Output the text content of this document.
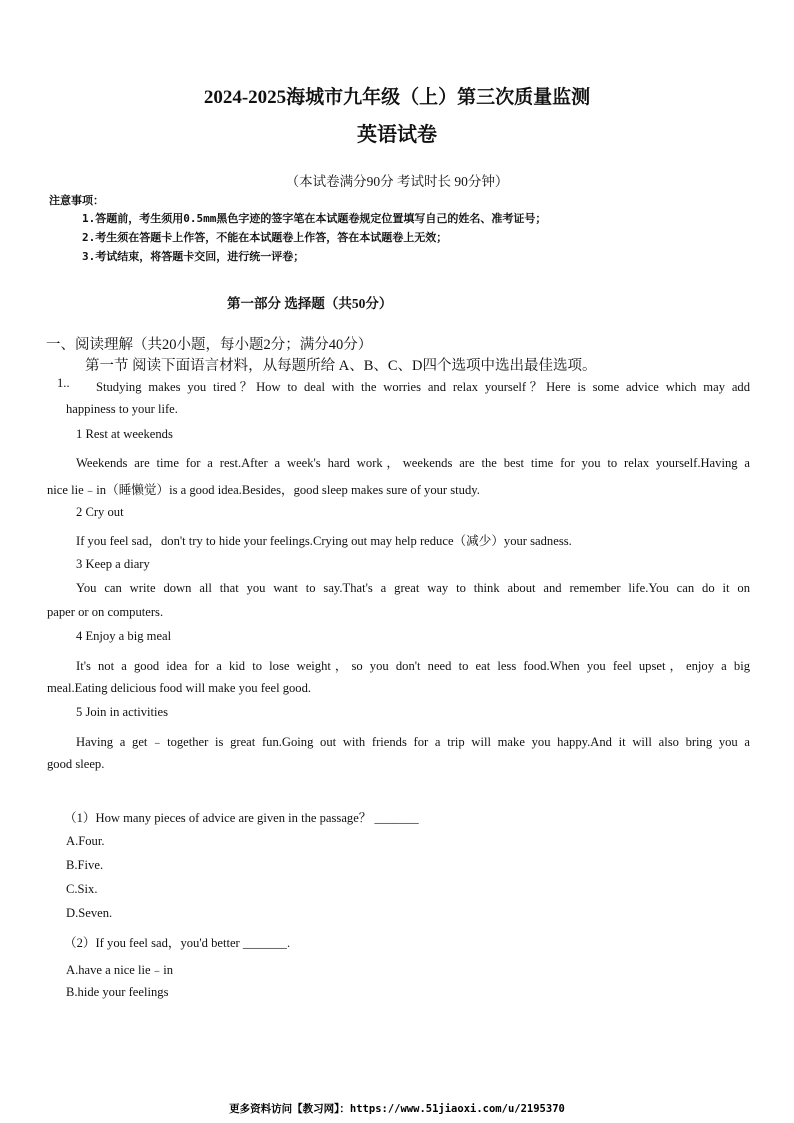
2024-2025海城市九年级（上）第三次质量监测
英语试卷
（本试卷满分90分 考试时长 90分钟）
注意事项：
1.答题前，考生须用0.5mm黑色字迹的签字笔在本试题卷规定位置填写自己的姓名、准考证号；
2.考生须在答题卡上作答，不能在本试题卷上作答，答在本试题卷上无效；
3.考试结束，将答题卡交回，进行统一评卷；
第一部分 选择题（共50分）
一、阅读理解（共20小题，每小题2分；满分40分）
第一节 阅读下面语言材料，从每题所给 A、B、C、D四个选项中选出最佳选项。
1.. Studying makes you tired？How to deal with the worries and relax yourself？Here is some advice which may add
happiness to your life.
1 Rest at weekends
Weekends are time for a rest.After a week's hard work，weekends are the best time for you to relax yourself.Having a
nice lie﹣in（睡懒觉）is a good idea.Besides，good sleep makes sure of your study.
2 Cry out
If you feel sad，don't try to hide your feelings.Crying out may help reduce（减少）your sadness.
3 Keep a diary
You can write down all that you want to say.That's a great way to think about and remember life.You can do it on
paper or on computers.
4 Enjoy a big meal
It's not a good idea for a kid to lose weight，so you don't need to eat less food.When you feel upset，enjoy a big
meal.Eating delicious food will make you feel good.
5 Join in activities
Having a get﹣together is great fun.Going out with friends for a trip will make you happy.And it will also bring you a
good sleep.
（1）How many pieces of advice are given in the passage？ _______
A.Four.
B.Five.
C.Six.
D.Seven.
（2）If you feel sad，you'd better _______.
A.have a nice lie﹣in
B.hide your feelings
更多资料访问【教习网】：https://www.51jiaoxi.com/u/2195370
